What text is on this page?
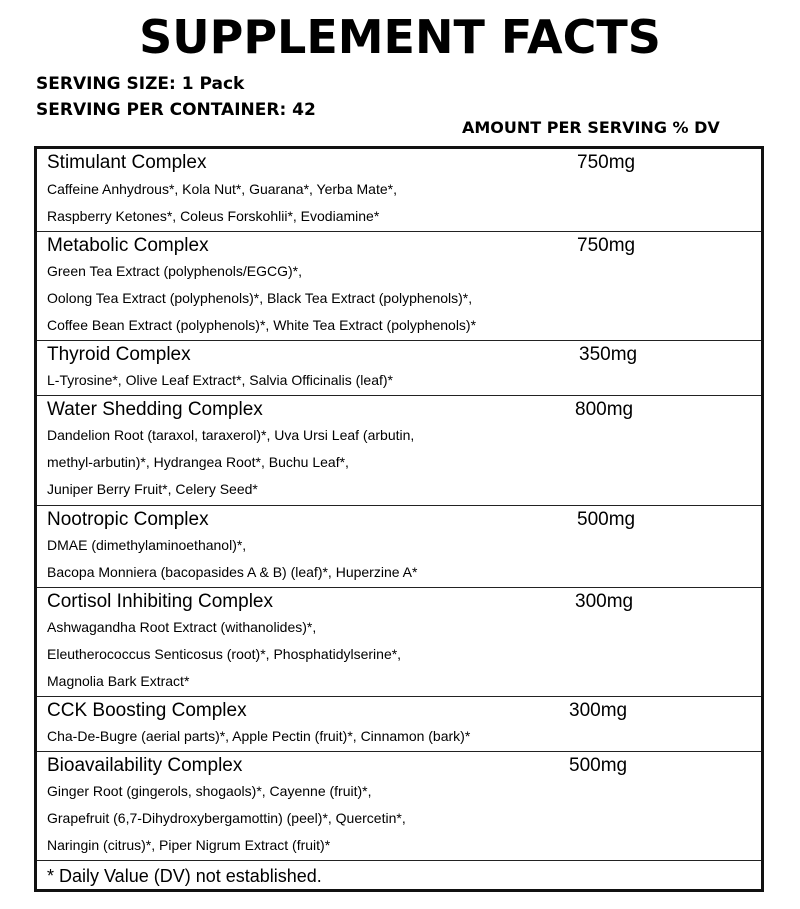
SUPPLEMENT FACTS
SERVING SIZE: 1 Pack
SERVING PER CONTAINER: 42
AMOUNT PER SERVING % DV
Stimulant Complex	750mg
Caffeine Anhydrous*, Kola Nut*, Guarana*, Yerba Mate*,
Raspberry Ketones*, Coleus Forskohlii*, Evodiamine*
Metabolic Complex	750mg
Green Tea Extract (polyphenols/EGCG)*,
Oolong Tea Extract (polyphenols)*, Black Tea Extract (polyphenols)*,
Coffee Bean Extract (polyphenols)*, White Tea Extract (polyphenols)*
Thyroid Complex	350mg
L-Tyrosine*, Olive Leaf Extract*, Salvia Officinalis (leaf)*
Water Shedding Complex	800mg
Dandelion Root (taraxol, taraxerol)*, Uva Ursi Leaf (arbutin,
methyl-arbutin)*, Hydrangea Root*, Buchu Leaf*,
Juniper Berry Fruit*, Celery Seed*
Nootropic Complex	500mg
DMAE (dimethylaminoethanol)*,
Bacopa Monniera (bacopasides A & B) (leaf)*, Huperzine A*
Cortisol Inhibiting Complex	300mg
Ashwagandha Root Extract (withanolides)*,
Eleutherococcus Senticosus (root)*, Phosphatidylserine*,
Magnolia Bark Extract*
CCK Boosting Complex	300mg
Cha-De-Bugre (aerial parts)*, Apple Pectin (fruit)*, Cinnamon (bark)*
Bioavailability Complex	500mg
Ginger Root (gingerols, shogaols)*, Cayenne (fruit)*,
Grapefruit (6,7-Dihydroxybergamottin) (peel)*, Quercetin*,
Naringin (citrus)*, Piper Nigrum Extract (fruit)*
* Daily Value (DV) not established.
